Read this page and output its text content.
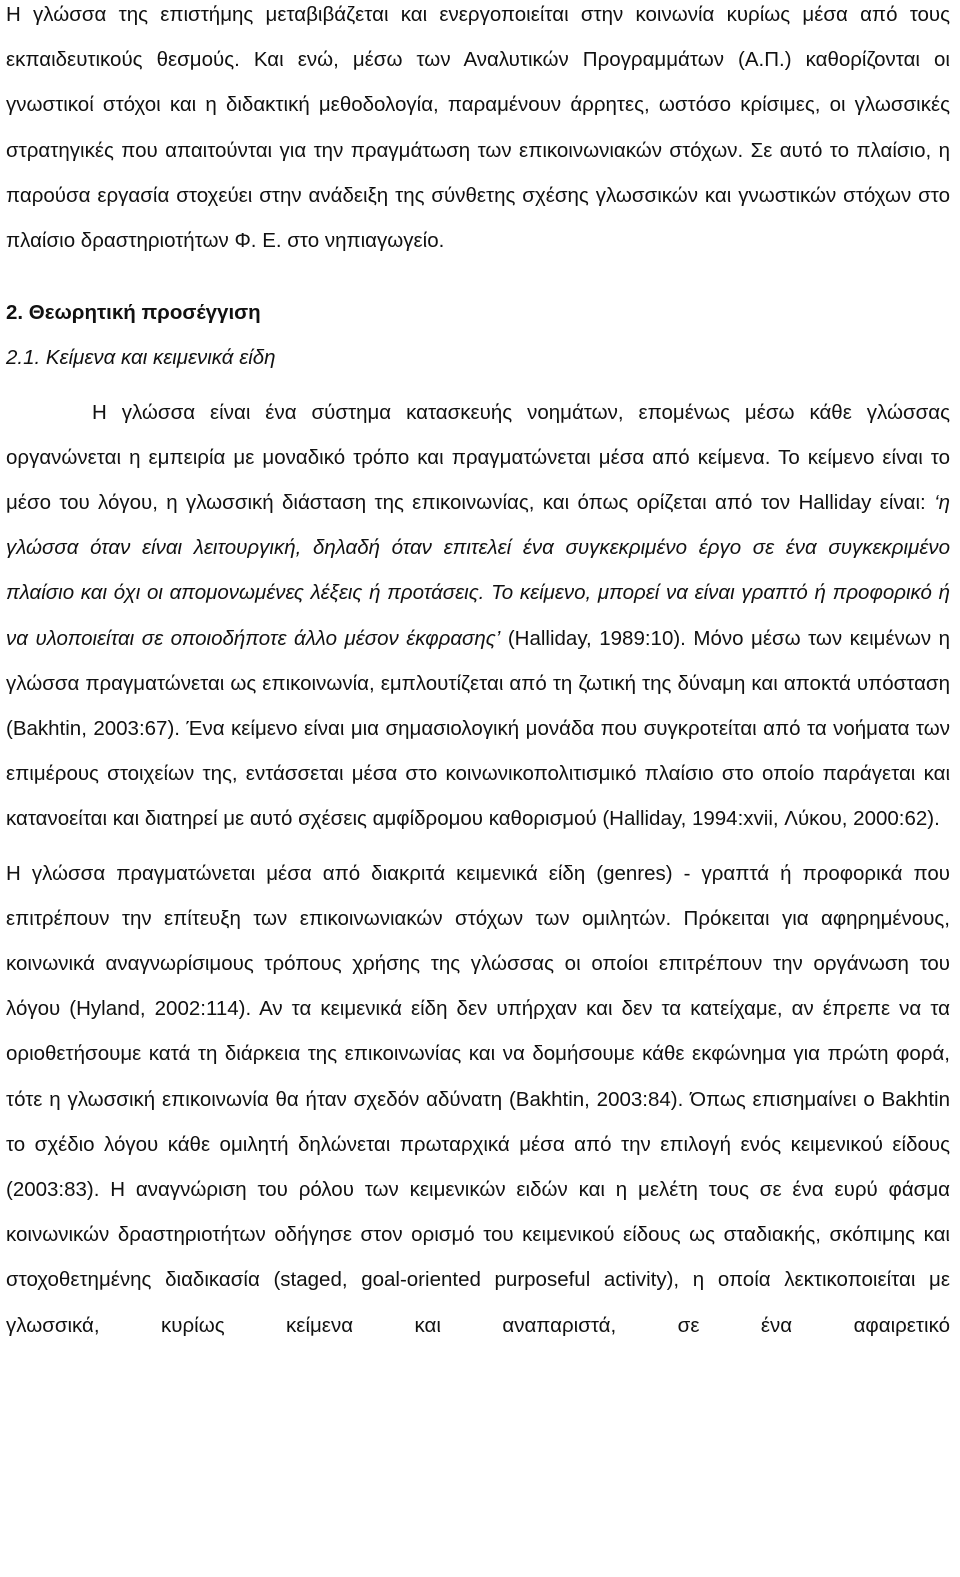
Η γλώσσα της επιστήμης μεταβιβάζεται και ενεργοποιείται στην κοινωνία κυρίως μέσα από τους εκπαιδευτικούς θεσμούς. Και ενώ, μέσω των Αναλυτικών Προγραμμάτων (Α.Π.) καθορίζονται οι γνωστικοί στόχοι και η διδακτική μεθοδολογία, παραμένουν άρρητες, ωστόσο κρίσιμες, οι γλωσσικές στρατηγικές που απαιτούνται για την πραγμάτωση των επικοινωνιακών στόχων. Σε αυτό το πλαίσιο, η παρούσα εργασία στοχεύει στην ανάδειξη της σύνθετης σχέσης γλωσσικών και γνωστικών στόχων στο πλαίσιο δραστηριοτήτων Φ. Ε. στο νηπιαγωγείο.

2. Θεωρητική προσέγγιση

2.1. Κείμενα και κειμενικά είδη

Η γλώσσα είναι ένα σύστημα κατασκευής νοημάτων, επομένως μέσω κάθε γλώσσας οργανώνεται η εμπειρία με μοναδικό τρόπο και πραγματώνεται μέσα από κείμενα. Το κείμενο είναι το μέσο του λόγου, η γλωσσική διάσταση της επικοινωνίας, και όπως ορίζεται από τον Halliday είναι: ‘η γλώσσα όταν είναι λειτουργική, δηλαδή όταν επιτελεί ένα συγκεκριμένο έργο σε ένα συγκεκριμένο πλαίσιο και όχι οι απομονωμένες λέξεις ή προτάσεις. Το κείμενο, μπορεί να είναι γραπτό ή προφορικό ή να υλοποιείται σε οποιοδήποτε άλλο μέσον έκφρασης’ (Halliday, 1989:10). Μόνο μέσω των κειμένων η γλώσσα πραγματώνεται ως επικοινωνία, εμπλουτίζεται από τη ζωτική της δύναμη και αποκτά υπόσταση (Bakhtin, 2003:67). Ένα κείμενο είναι μια σημασιολογική μονάδα που συγκροτείται από τα νοήματα των επιμέρους στοιχείων της, εντάσσεται μέσα στο κοινωνικοπολιτισμικό πλαίσιο στο οποίο παράγεται και κατανοείται και διατηρεί με αυτό σχέσεις αμφίδρομου καθορισμού (Halliday, 1994:xvii, Λύκου, 2000:62).

Η γλώσσα πραγματώνεται μέσα από διακριτά κειμενικά είδη (genres) - γραπτά ή προφορικά που επιτρέπουν την επίτευξη των επικοινωνιακών στόχων των ομιλητών. Πρόκειται για αφηρημένους, κοινωνικά αναγνωρίσιμους τρόπους χρήσης της γλώσσας οι οποίοι επιτρέπουν την οργάνωση του λόγου (Hyland, 2002:114). Αν τα κειμενικά είδη δεν υπήρχαν και δεν τα κατείχαμε, αν έπρεπε να τα οριοθετήσουμε κατά τη διάρκεια της επικοινωνίας και να δομήσουμε κάθε εκφώνημα για πρώτη φορά, τότε η γλωσσική επικοινωνία θα ήταν σχεδόν αδύνατη (Bakhtin, 2003:84). Όπως επισημαίνει ο Bakhtin το σχέδιο λόγου κάθε ομιλητή δηλώνεται πρωταρχικά μέσα από την επιλογή ενός κειμενικού είδους (2003:83). Η αναγνώριση του ρόλου των κειμενικών ειδών και η μελέτη τους σε ένα ευρύ φάσμα κοινωνικών δραστηριοτήτων οδήγησε στον ορισμό του κειμενικού είδους ως σταδιακής, σκόπιμης και στοχοθετημένης διαδικασία (staged, goal-oriented purposeful activity), η οποία λεκτικοποιείται με γλωσσικά, κυρίως κείμενα και αναπαριστά, σε ένα αφαιρετικό
